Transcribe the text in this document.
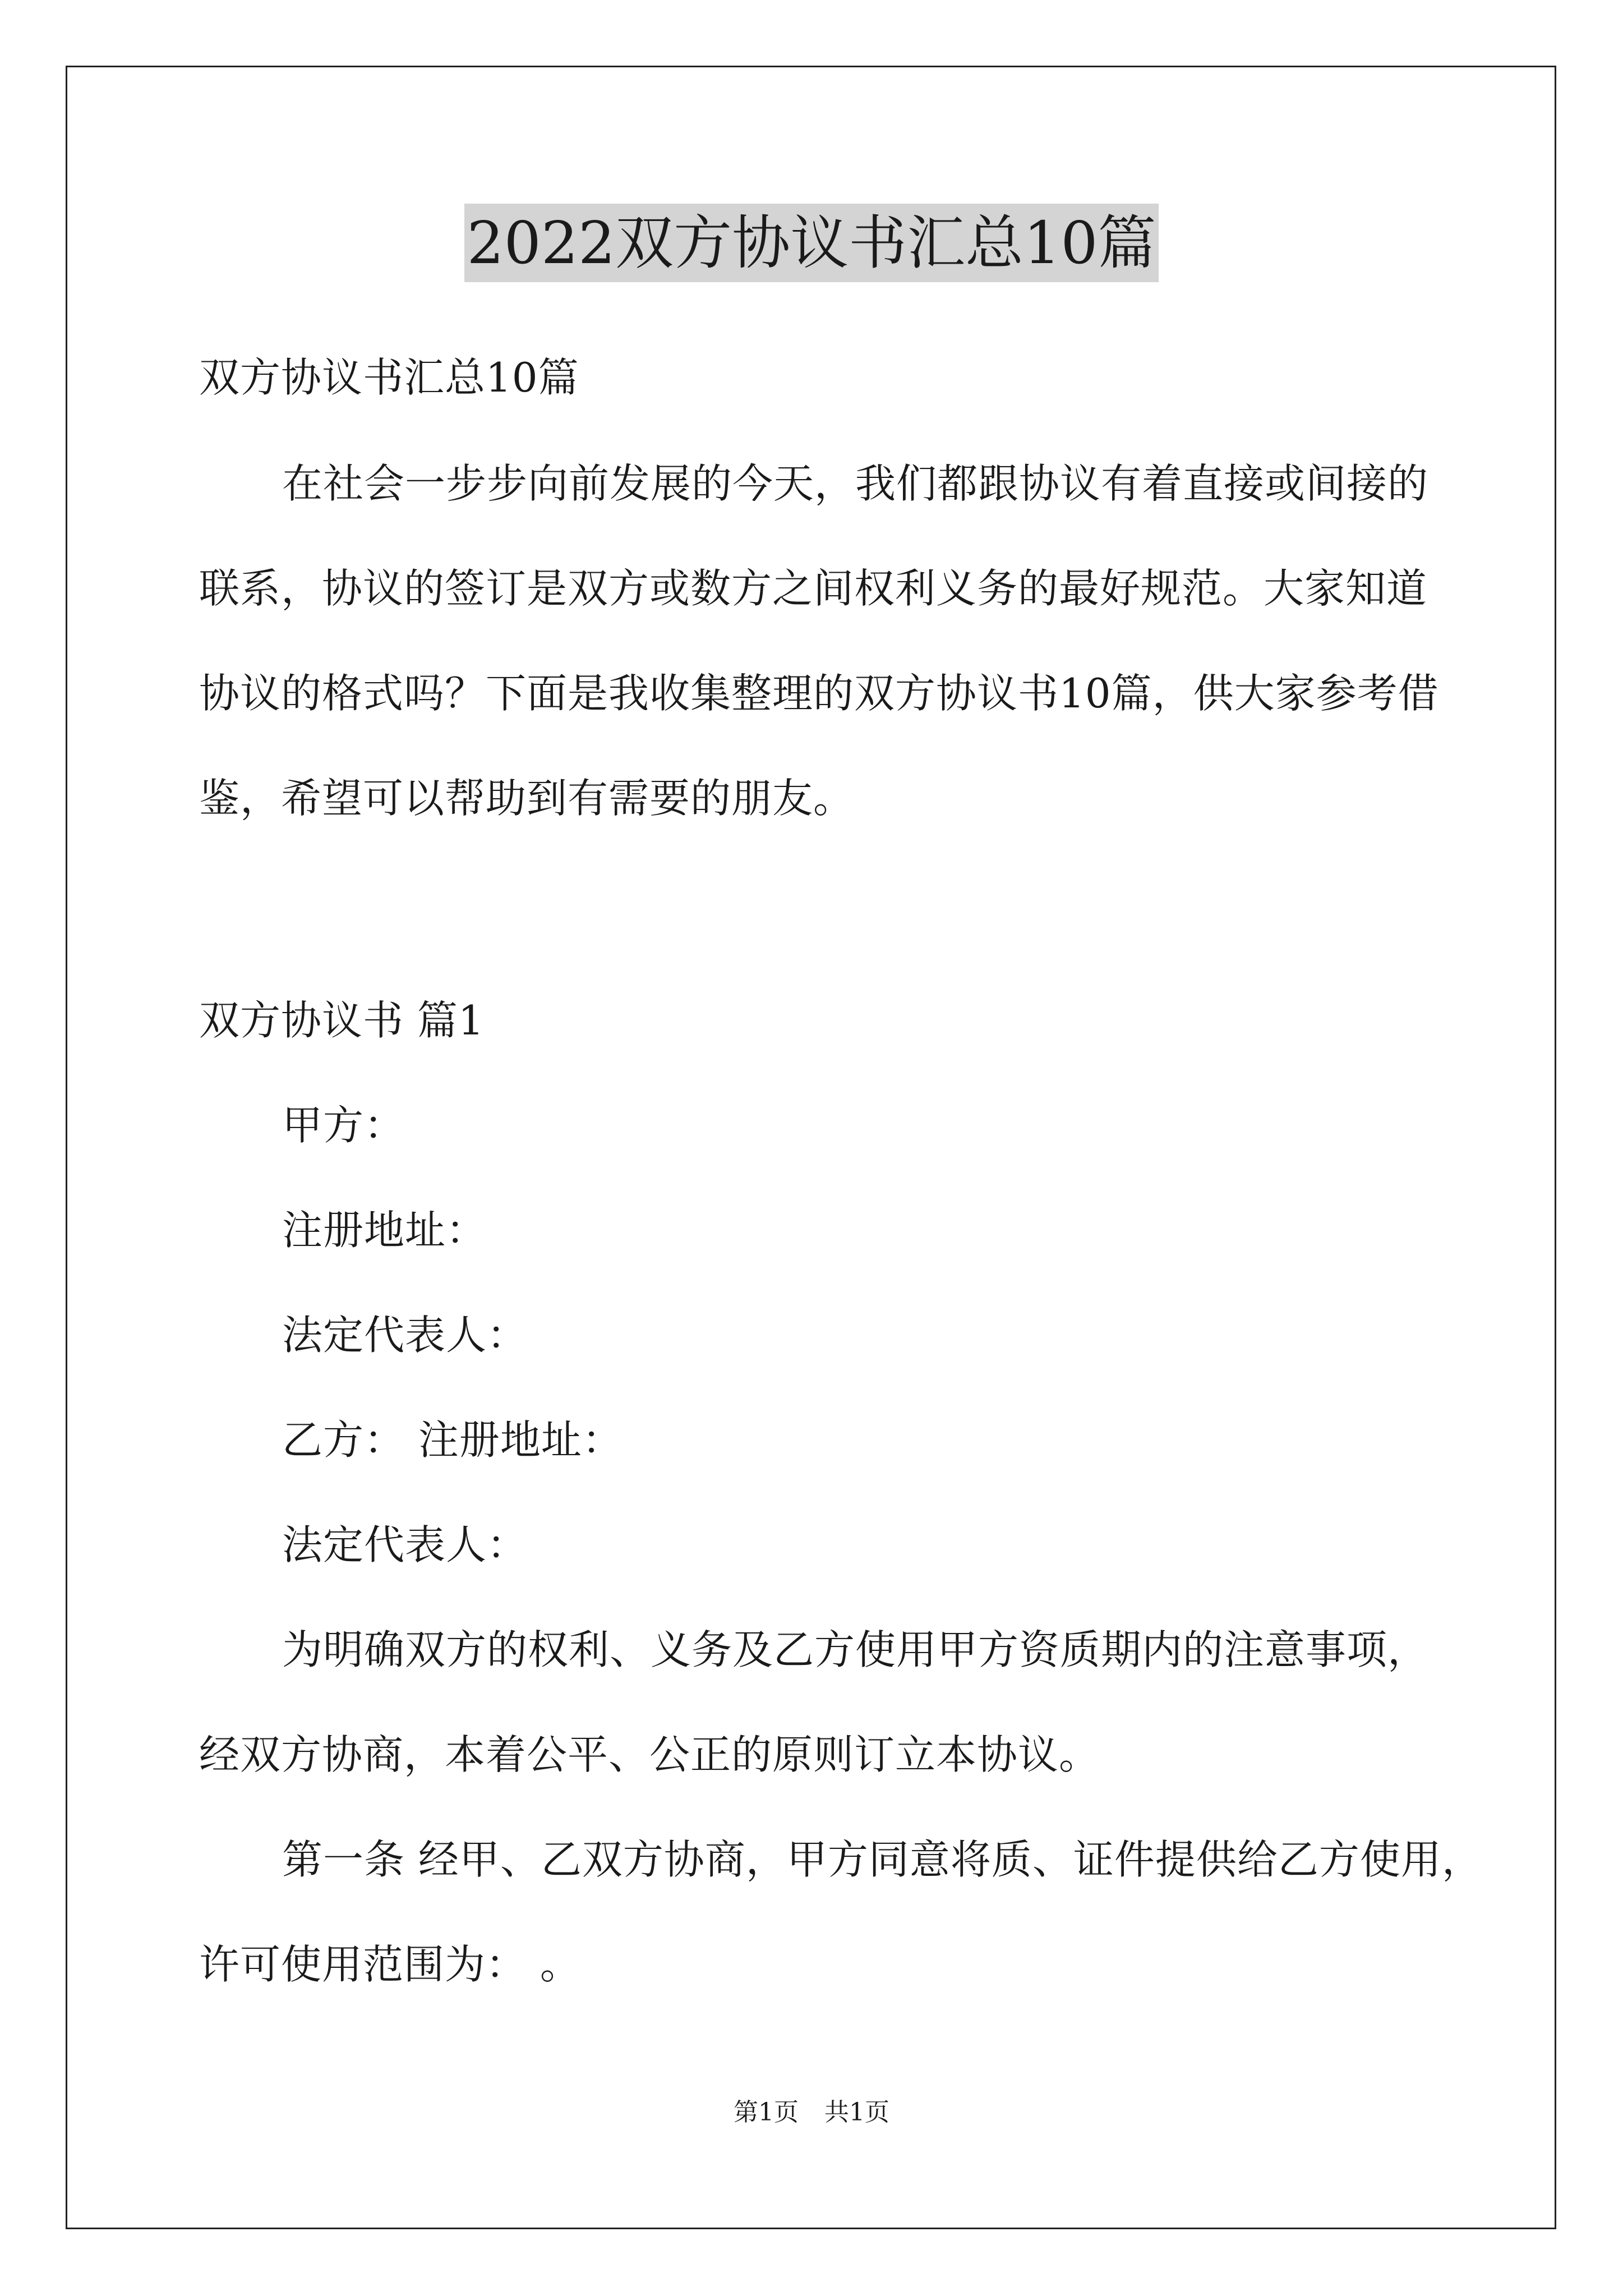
2022双方协议书汇总10篇
双方协议书汇总10篇
在社会一步步向前发展的今天，我们都跟协议有着直接或间接的
联系，协议的签订是双方或数方之间权利义务的最好规范。大家知道
协议的格式吗？下面是我收集整理的双方协议书10篇，供大家参考借
鉴，希望可以帮助到有需要的朋友。
双方协议书 篇1
甲方：
注册地址：
法定代表人：
乙方： 注册地址：
法定代表人：
为明确双方的权利、义务及乙方使用甲方资质期内的注意事项，
经双方协商，本着公平、公正的原则订立本协议。
第一条 经甲、乙双方协商，甲方同意将质、证件提供给乙方使用，
许可使用范围为： 。
第1页 共1页
